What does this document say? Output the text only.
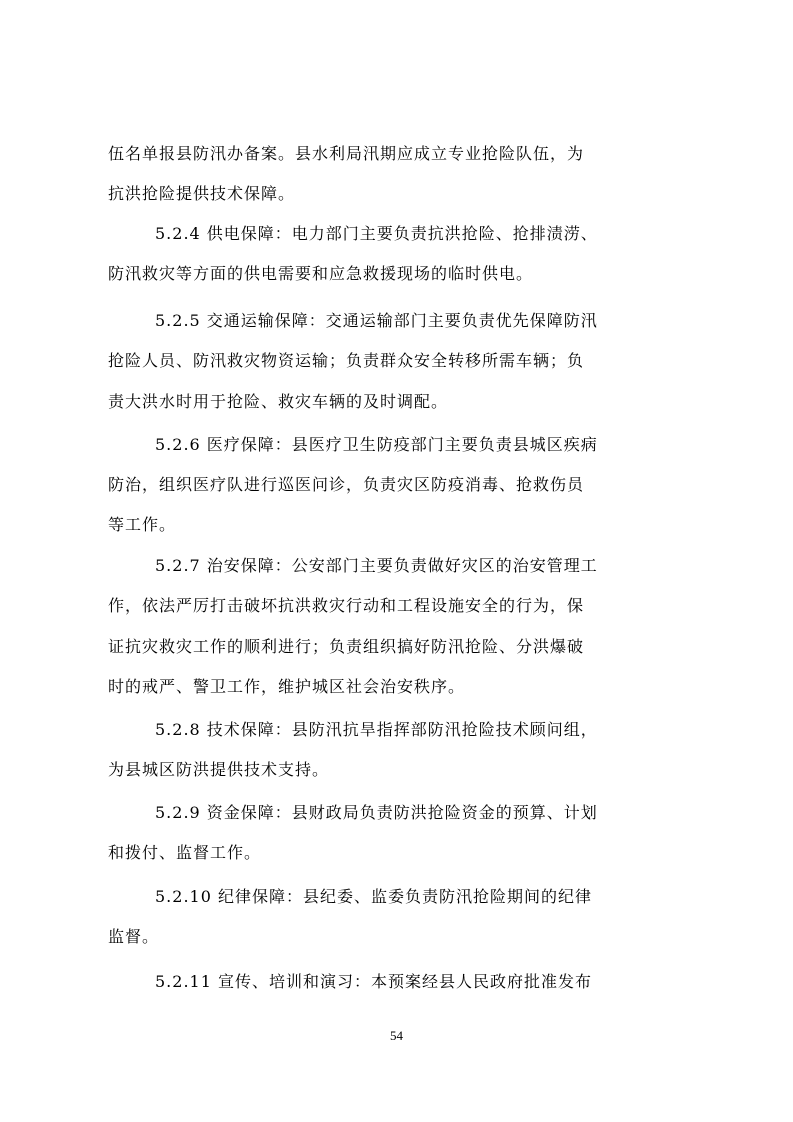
伍名单报县防汛办备案。县水利局汛期应成立专业抢险队伍，为
抗洪抢险提供技术保障。
5.2.4 供电保障：电力部门主要负责抗洪抢险、抢排渍涝、
防汛救灾等方面的供电需要和应急救援现场的临时供电。
5.2.5 交通运输保障：交通运输部门主要负责优先保障防汛
抢险人员、防汛救灾物资运输；负责群众安全转移所需车辆；负
责大洪水时用于抢险、救灾车辆的及时调配。
5.2.6 医疗保障：县医疗卫生防疫部门主要负责县城区疾病
防治，组织医疗队进行巡医问诊，负责灾区防疫消毒、抢救伤员
等工作。
5.2.7 治安保障：公安部门主要负责做好灾区的治安管理工
作，依法严厉打击破坏抗洪救灾行动和工程设施安全的行为，保
证抗灾救灾工作的顺利进行；负责组织搞好防汛抢险、分洪爆破
时的戒严、警卫工作，维护城区社会治安秩序。
5.2.8 技术保障：县防汛抗旱指挥部防汛抢险技术顾问组，
为县城区防洪提供技术支持。
5.2.9 资金保障：县财政局负责防洪抢险资金的预算、计划
和拨付、监督工作。
5.2.10 纪律保障：县纪委、监委负责防汛抢险期间的纪律
监督。
5.2.11 宣传、培训和演习：本预案经县人民政府批准发布
54
